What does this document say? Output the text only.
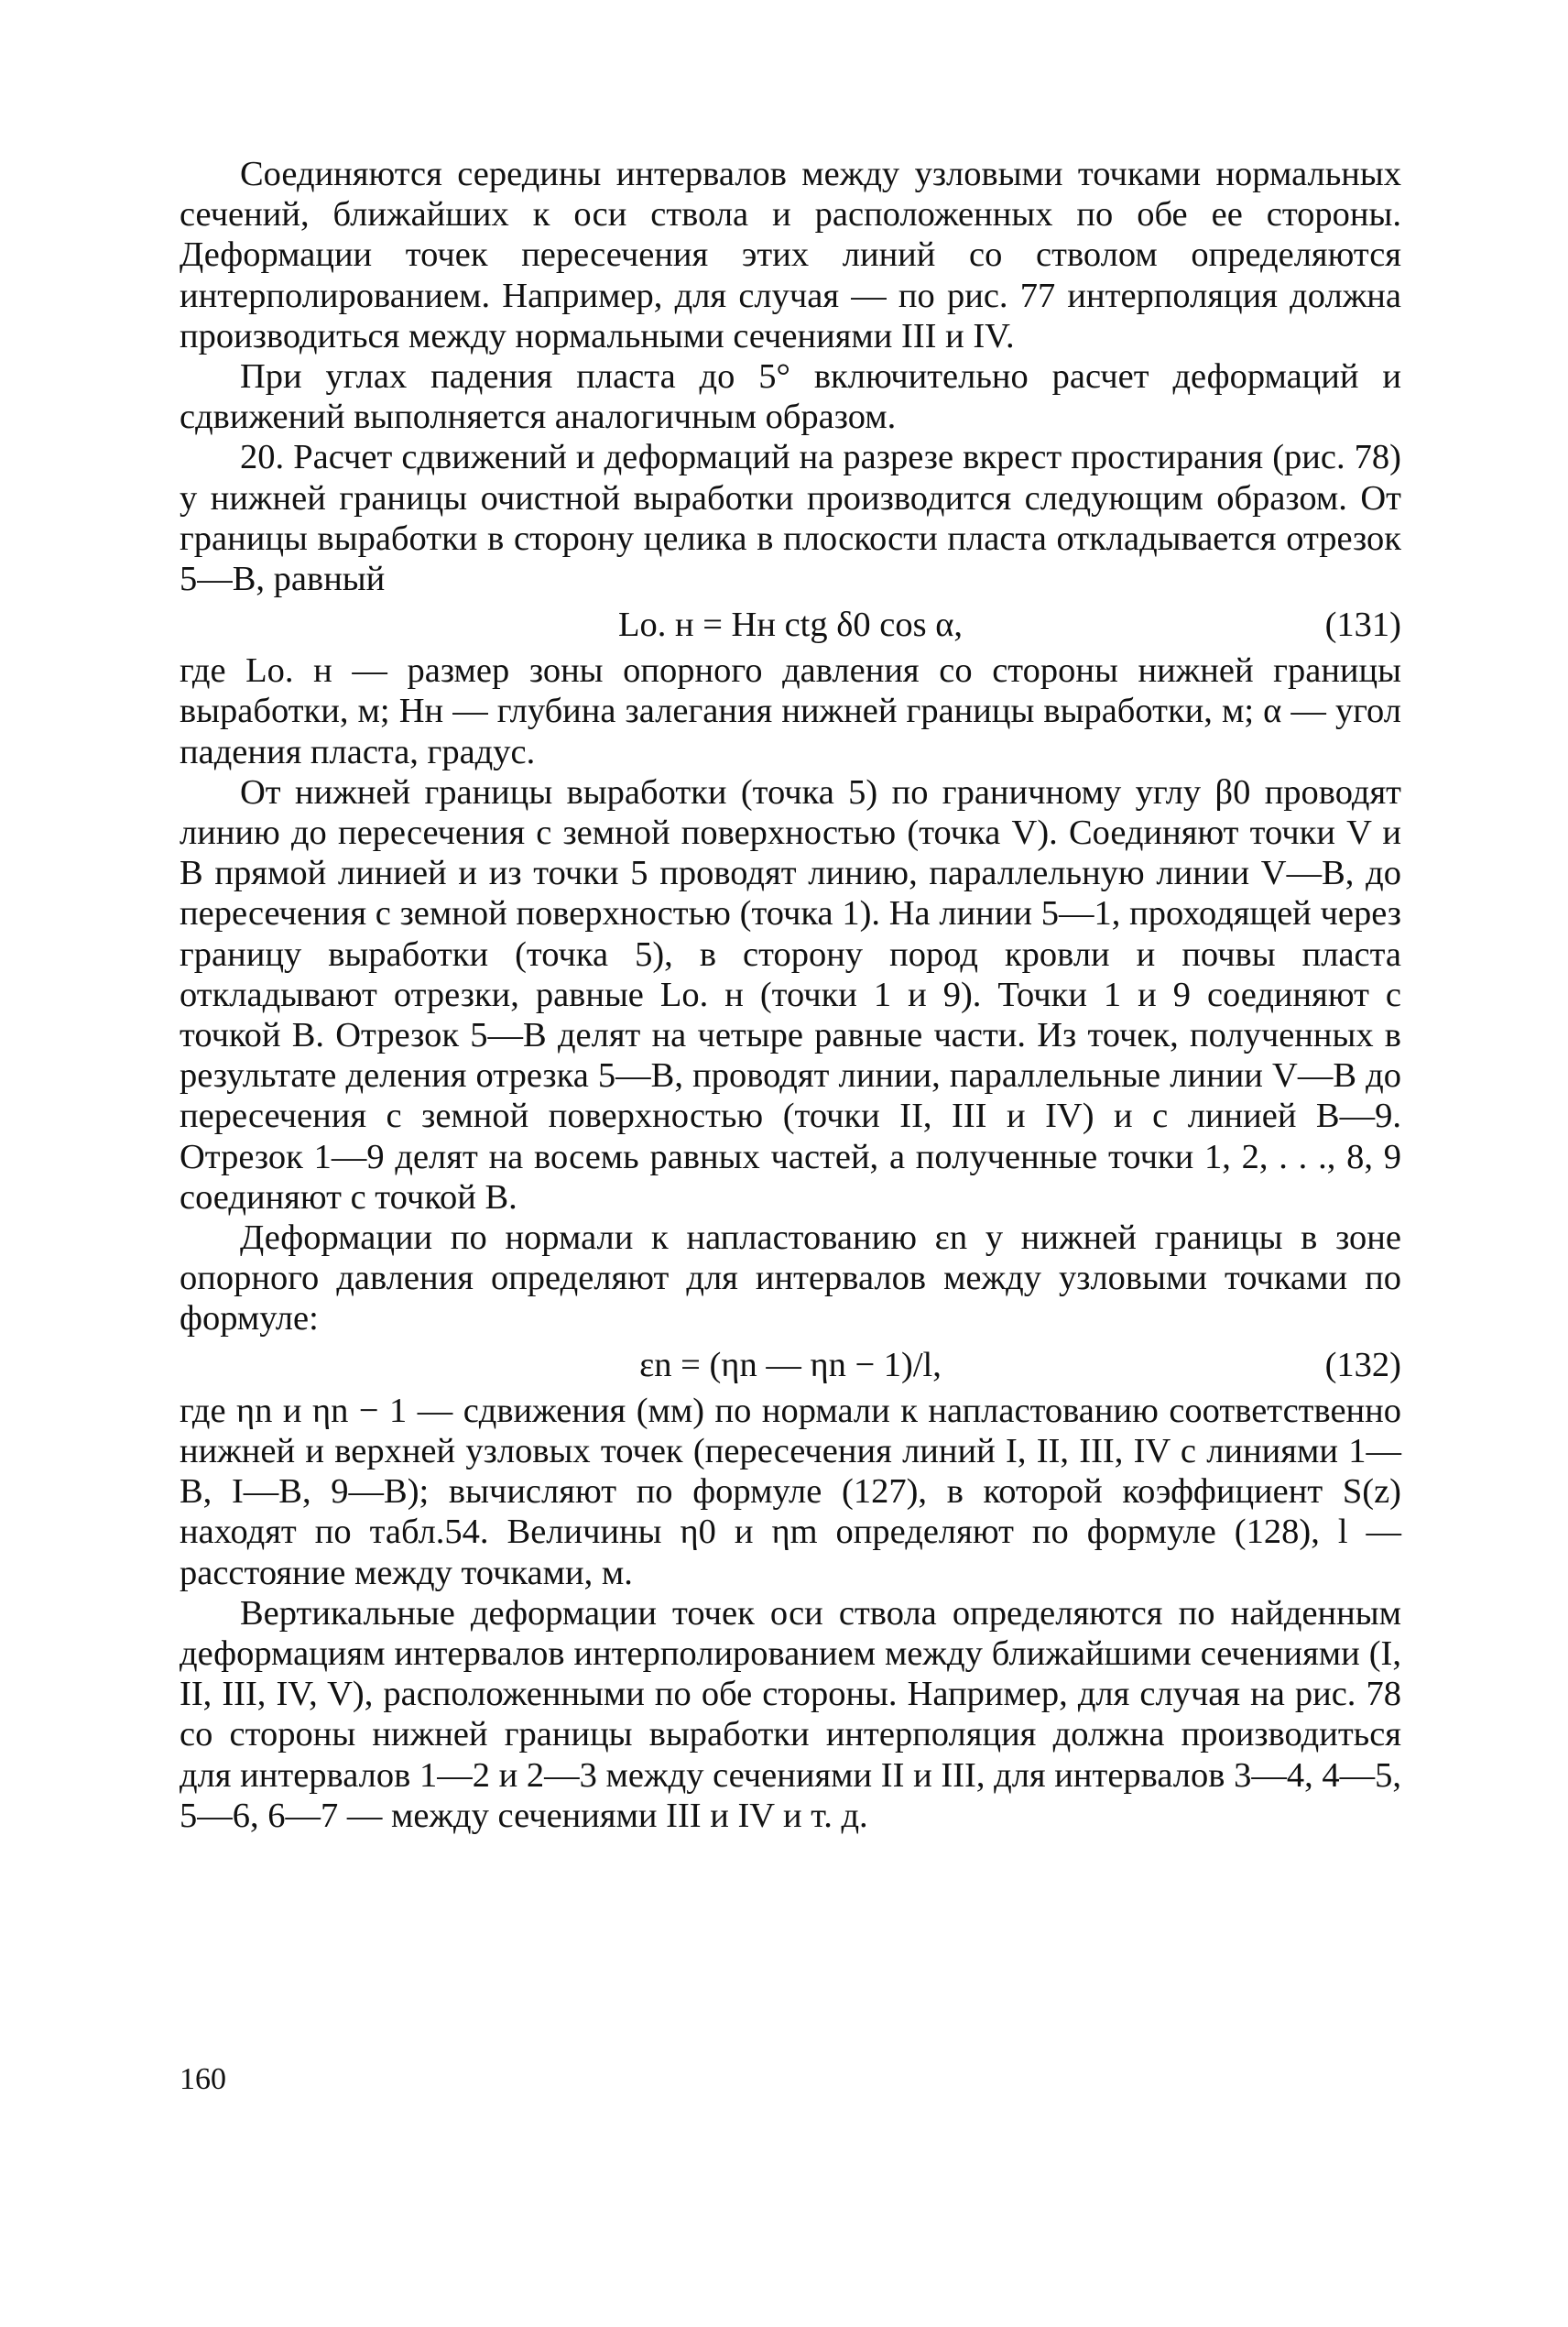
Соединяются середины интервалов между узловыми точками нормальных сечений, ближайших к оси ствола и расположенных по обе ее стороны. Деформации точек пересечения этих линий со стволом определяются интерполированием. Например, для случая — по рис. 77 интерполяция должна производиться между нормальными сечениями III и IV.

При углах падения пласта до 5° включительно расчет деформаций и сдвижений выполняется аналогичным образом.

20. Расчет сдвижений и деформаций на разрезе вкрест простирания (рис. 78) у нижней границы очистной выработки производится следующим образом. От границы выработки в сторону целика в плоскости пласта откладывается отрезок 5—В, равный

Lо. н = Hн ctg δ0 cos α,	(131)

где Lо. н — размер зоны опорного давления со стороны нижней границы выработки, м; Hн — глубина залегания нижней границы выработки, м; α — угол падения пласта, градус.

От нижней границы выработки (точка 5) по граничному углу β0 проводят линию до пересечения с земной поверхностью (точка V). Соединяют точки V и В прямой линией и из точки 5 проводят линию, параллельную линии V—В, до пересечения с земной поверхностью (точка 1). На линии 5—1, проходящей через границу выработки (точка 5), в сторону пород кровли и почвы пласта откладывают отрезки, равные Lо. н (точки 1 и 9). Точки 1 и 9 соединяют с точкой В. Отрезок 5—В делят на четыре равные части. Из точек, полученных в результате деления отрезка 5—В, проводят линии, параллельные линии V—В до пересечения с земной поверхностью (точки II, III и IV) и с линией В—9. Отрезок 1—9 делят на восемь равных частей, а полученные точки 1, 2, . . ., 8, 9 соединяют с точкой В.

Деформации по нормали к напластованию εn у нижней границы в зоне опорного давления определяют для интервалов между узловыми точками по формуле:

εn = (ηn — ηn − 1)/l,	(132)

где ηn и ηn − 1 — сдвижения (мм) по нормали к напластованию соответственно нижней и верхней узловых точек (пересечения линий I, II, III, IV с линиями 1—В, I—В, 9—В); вычисляют по формуле (127), в которой коэффициент S(z) находят по табл.54. Величины η0 и ηm определяют по формуле (128), l — расстояние между точками, м.

Вертикальные деформации точек оси ствола определяются по найденным деформациям интервалов интерполированием между ближайшими сечениями (I, II, III, IV, V), расположенными по обе стороны. Например, для случая на рис. 78 со стороны нижней границы выработки интерполяция должна производиться для интервалов 1—2 и 2—3 между сечениями II и III, для интервалов 3—4, 4—5, 5—6, 6—7 — между сечениями III и IV и т. д.

160
